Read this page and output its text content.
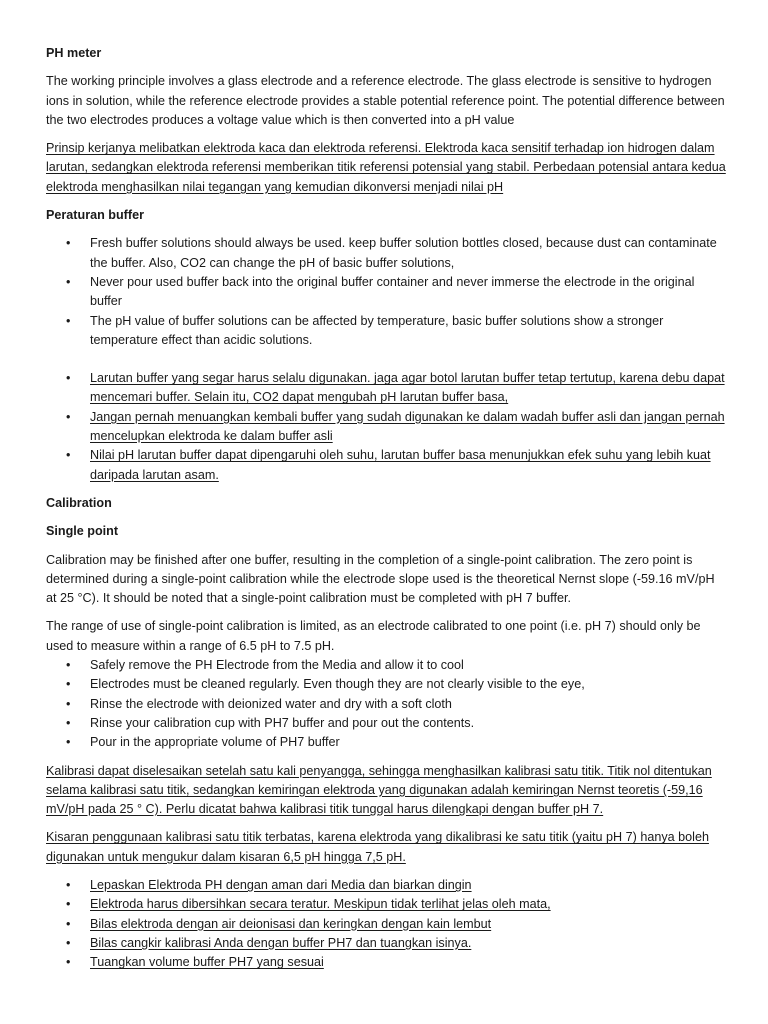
PH meter

The working principle involves a glass electrode and a reference electrode. The glass electrode is sensitive to hydrogen ions in solution, while the reference electrode provides a stable potential reference point. The potential difference between the two electrodes produces a voltage value which is then converted into a pH value

Prinsip kerjanya melibatkan elektroda kaca dan elektroda referensi. Elektroda kaca sensitif terhadap ion hidrogen dalam larutan, sedangkan elektroda referensi memberikan titik referensi potensial yang stabil. Perbedaan potensial antara kedua elektroda menghasilkan nilai tegangan yang kemudian dikonversi menjadi nilai pH

Peraturan buffer

• Fresh buffer solutions should always be used. keep buffer solution bottles closed, because dust can contaminate the buffer. Also, CO2 can change the pH of basic buffer solutions,
• Never pour used buffer back into the original buffer container and never immerse the electrode in the original buffer
• The pH value of buffer solutions can be affected by temperature, basic buffer solutions show a stronger temperature effect than acidic solutions.
• Larutan buffer yang segar harus selalu digunakan. jaga agar botol larutan buffer tetap tertutup, karena debu dapat mencemari buffer. Selain itu, CO2 dapat mengubah pH larutan buffer basa,
• Jangan pernah menuangkan kembali buffer yang sudah digunakan ke dalam wadah buffer asli dan jangan pernah mencelupkan elektroda ke dalam buffer asli
• Nilai pH larutan buffer dapat dipengaruhi oleh suhu, larutan buffer basa menunjukkan efek suhu yang lebih kuat daripada larutan asam.

Calibration

Single point

Calibration may be finished after one buffer, resulting in the completion of a single-point calibration. The zero point is determined during a single-point calibration while the electrode slope used is the theoretical Nernst slope (-59.16 mV/pH at 25 °C). It should be noted that a single-point calibration must be completed with pH 7 buffer.

The range of use of single-point calibration is limited, as an electrode calibrated to one point (i.e. pH 7) should only be used to measure within a range of 6.5 pH to 7.5 pH.

• Safely remove the PH Electrode from the Media and allow it to cool
• Electrodes must be cleaned regularly. Even though they are not clearly visible to the eye,
• Rinse the electrode with deionized water and dry with a soft cloth
• Rinse your calibration cup with PH7 buffer and pour out the contents.
• Pour in the appropriate volume of PH7 buffer

Kalibrasi dapat diselesaikan setelah satu kali penyangga, sehingga menghasilkan kalibrasi satu titik. Titik nol ditentukan selama kalibrasi satu titik, sedangkan kemiringan elektroda yang digunakan adalah kemiringan Nernst teoretis (-59,16 mV/pH pada 25 ° C). Perlu dicatat bahwa kalibrasi titik tunggal harus dilengkapi dengan buffer pH 7.

Kisaran penggunaan kalibrasi satu titik terbatas, karena elektroda yang dikalibrasi ke satu titik (yaitu pH 7) hanya boleh digunakan untuk mengukur dalam kisaran 6,5 pH hingga 7,5 pH.

• Lepaskan Elektroda PH dengan aman dari Media dan biarkan dingin
• Elektroda harus dibersihkan secara teratur. Meskipun tidak terlihat jelas oleh mata,
• Bilas elektroda dengan air deionisasi dan keringkan dengan kain lembut
• Bilas cangkir kalibrasi Anda dengan buffer PH7 dan tuangkan isinya.
• Tuangkan volume buffer PH7 yang sesuai
